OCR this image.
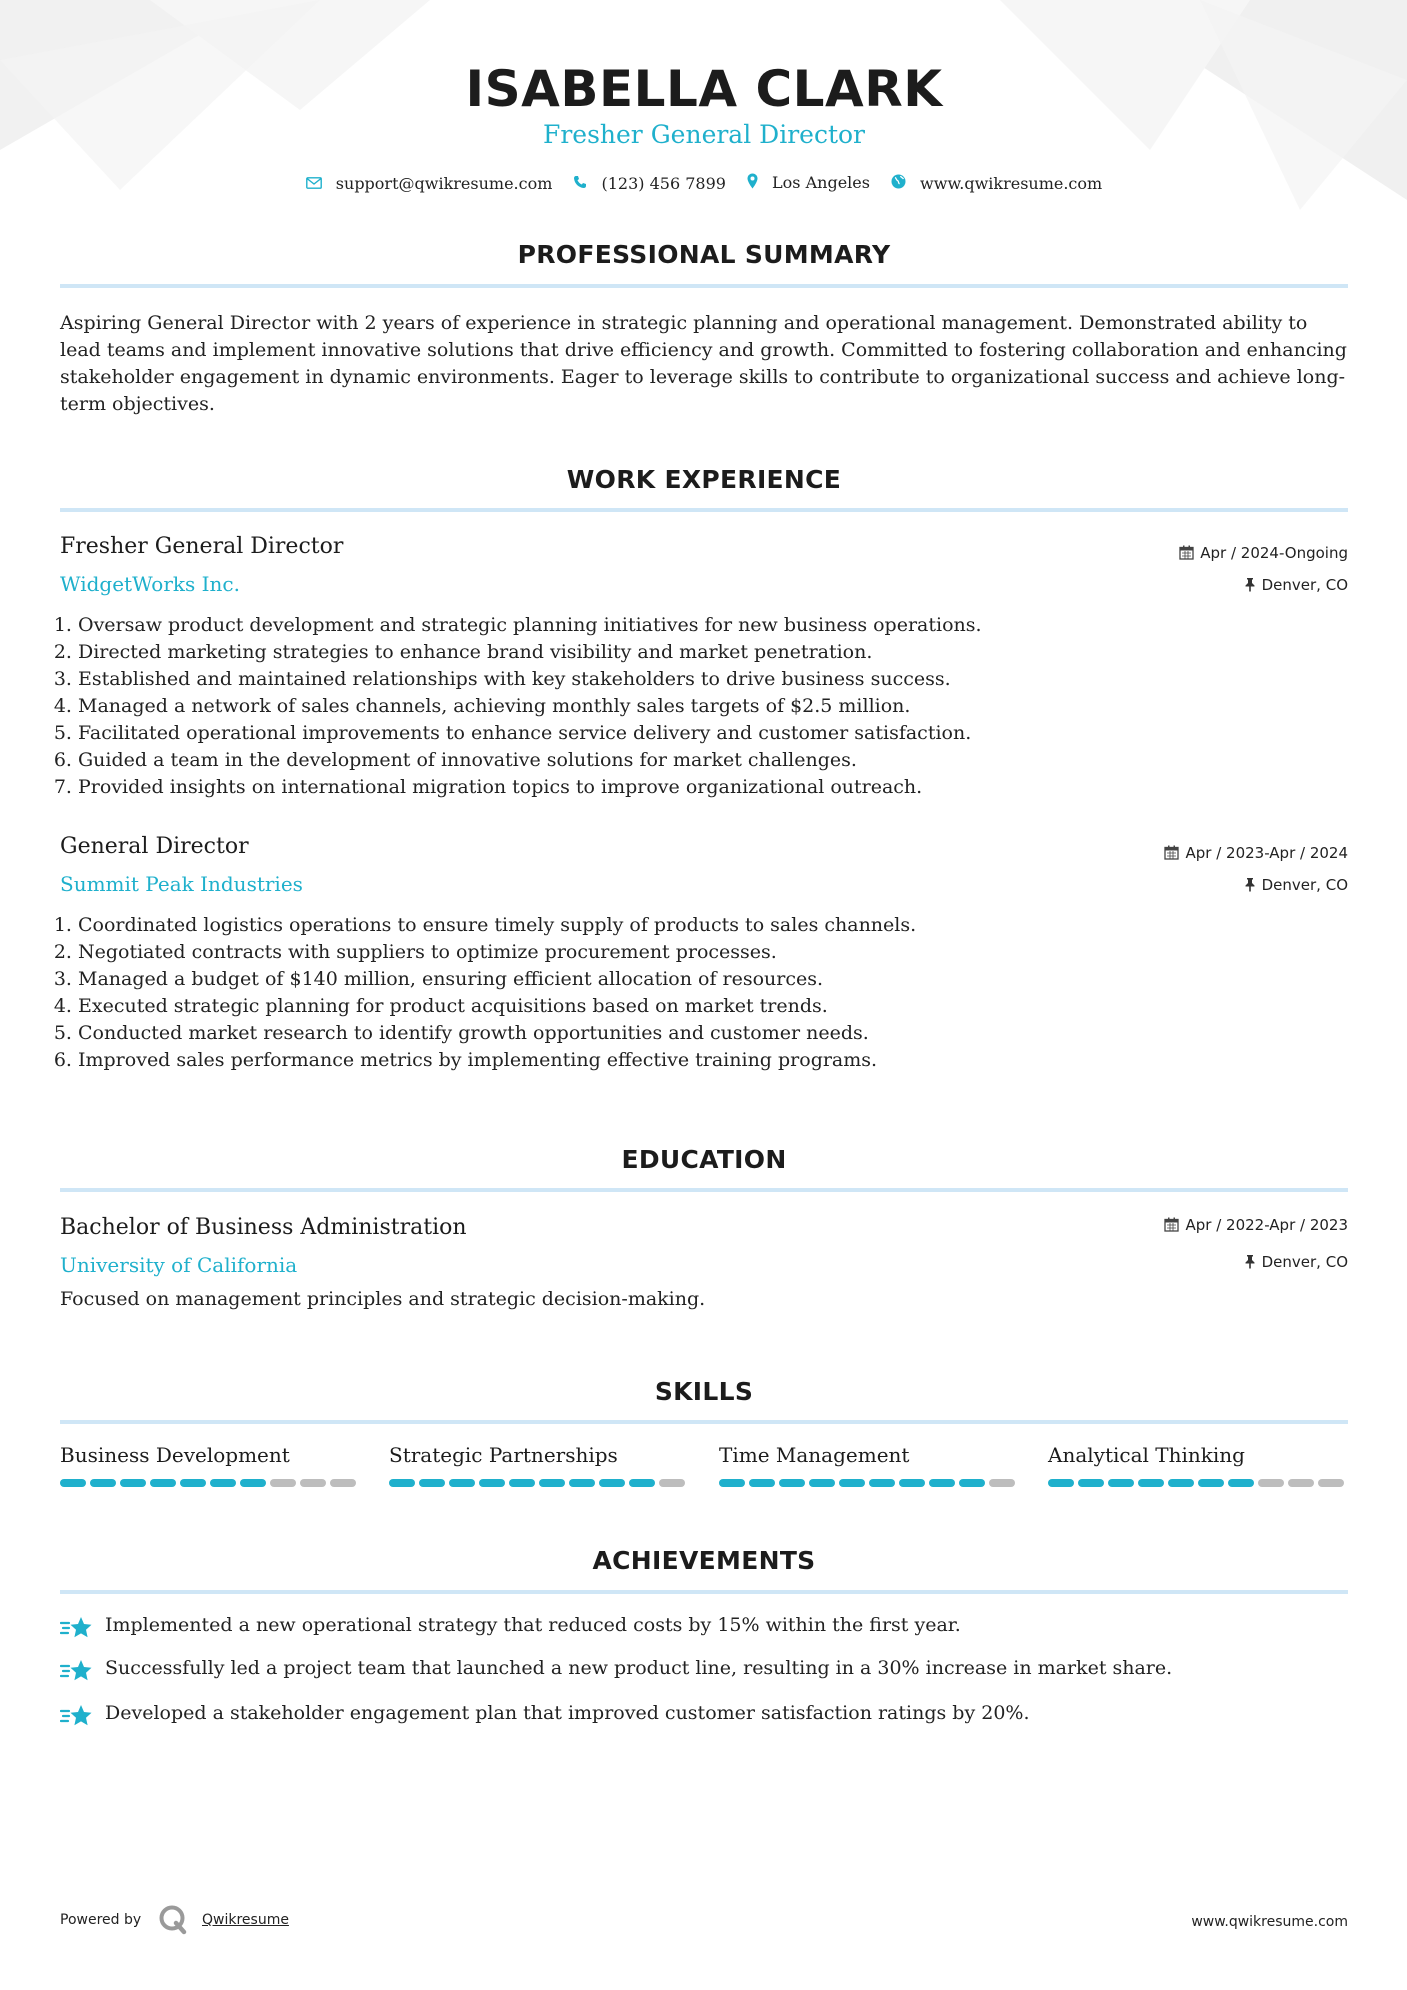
ISABELLA CLARK
Fresher General Director
support@qwikresume.com	(123) 456 7899	Los Angeles	www.qwikresume.com
PROFESSIONAL SUMMARY

Aspiring General Director with 2 years of experience in strategic planning and operational management. Demonstrated ability to lead teams and implement innovative solutions that drive efficiency and growth. Committed to fostering collaboration and enhancing stakeholder engagement in dynamic environments. Eager to leverage skills to contribute to organizational success and achieve long-term objectives.

WORK EXPERIENCE
Fresher General Director
WidgetWorks Inc.
Apr / 2024-Ongoing
Denver, CO
1. Oversaw product development and strategic planning initiatives for new business operations.
2. Directed marketing strategies to enhance brand visibility and market penetration.
3. Established and maintained relationships with key stakeholders to drive business success.
4. Managed a network of sales channels, achieving monthly sales targets of $2.5 million.
5. Facilitated operational improvements to enhance service delivery and customer satisfaction.
6. Guided a team in the development of innovative solutions for market challenges.
7. Provided insights on international migration topics to improve organizational outreach.
General Director
Summit Peak Industries
Apr / 2023-Apr / 2024
Denver, CO
1. Coordinated logistics operations to ensure timely supply of products to sales channels.
2. Negotiated contracts with suppliers to optimize procurement processes.
3. Managed a budget of $140 million, ensuring efficient allocation of resources.
4. Executed strategic planning for product acquisitions based on market trends.
5. Conducted market research to identify growth opportunities and customer needs.
6. Improved sales performance metrics by implementing effective training programs.
EDUCATION
Bachelor of Business Administration
University of California
Apr / 2022-Apr / 2023
Denver, CO

Focused on management principles and strategic decision-making.

SKILLS
Business Development	Strategic Partnerships	Time Management	Analytical Thinking
ACHIEVEMENTS
Implemented a new operational strategy that reduced costs by 15% within the first year.
Successfully led a project team that launched a new product line, resulting in a 30% increase in market share.
Developed a stakeholder engagement plan that improved customer satisfaction ratings by 20%.
Powered by	Qwikresume	www.qwikresume.com
